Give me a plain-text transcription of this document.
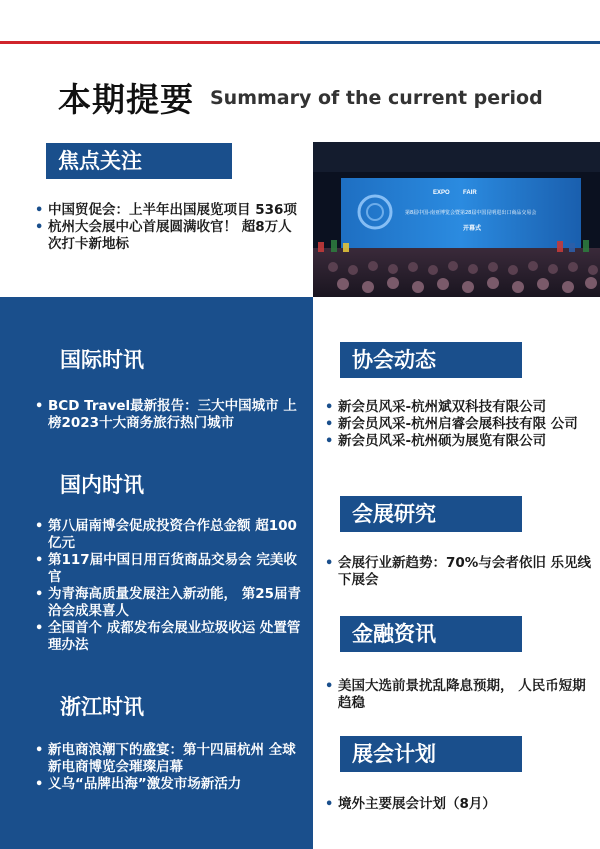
本期提要 Summary of the current period
焦点关注
• 中国贸促会：上半年出国展览项目 536项
• 杭州大会展中心首展圆满收官！ 超8万人次打卡新地标
EXPO FAIR
第8届中国-南亚博览会暨第28届中国昆明进出口商品交易会
开幕式
国际时讯
• BCD Travel最新报告：三大中国城市 上榜2023十大商务旅行热门城市
国内时讯
• 第八届南博会促成投资合作总金额 超100亿元
• 第117届中国日用百货商品交易会 完美收官
• 为青海高质量发展注入新动能， 第25届青洽会成果喜人
• 全国首个 成都发布会展业垃圾收运 处置管理办法
浙江时讯
• 新电商浪潮下的盛宴：第十四届杭州 全球新电商博览会璀璨启幕
• 义乌“品牌出海”激发市场新活力
协会动态
• 新会员风采-杭州斌双科技有限公司
• 新会员风采-杭州启睿会展科技有限 公司
• 新会员风采-杭州硕为展览有限公司
会展研究
• 会展行业新趋势：70%与会者依旧 乐见线下展会
金融资讯
• 美国大选前景扰乱降息预期， 人民币短期趋稳
展会计划
• 境外主要展会计划（8月）
